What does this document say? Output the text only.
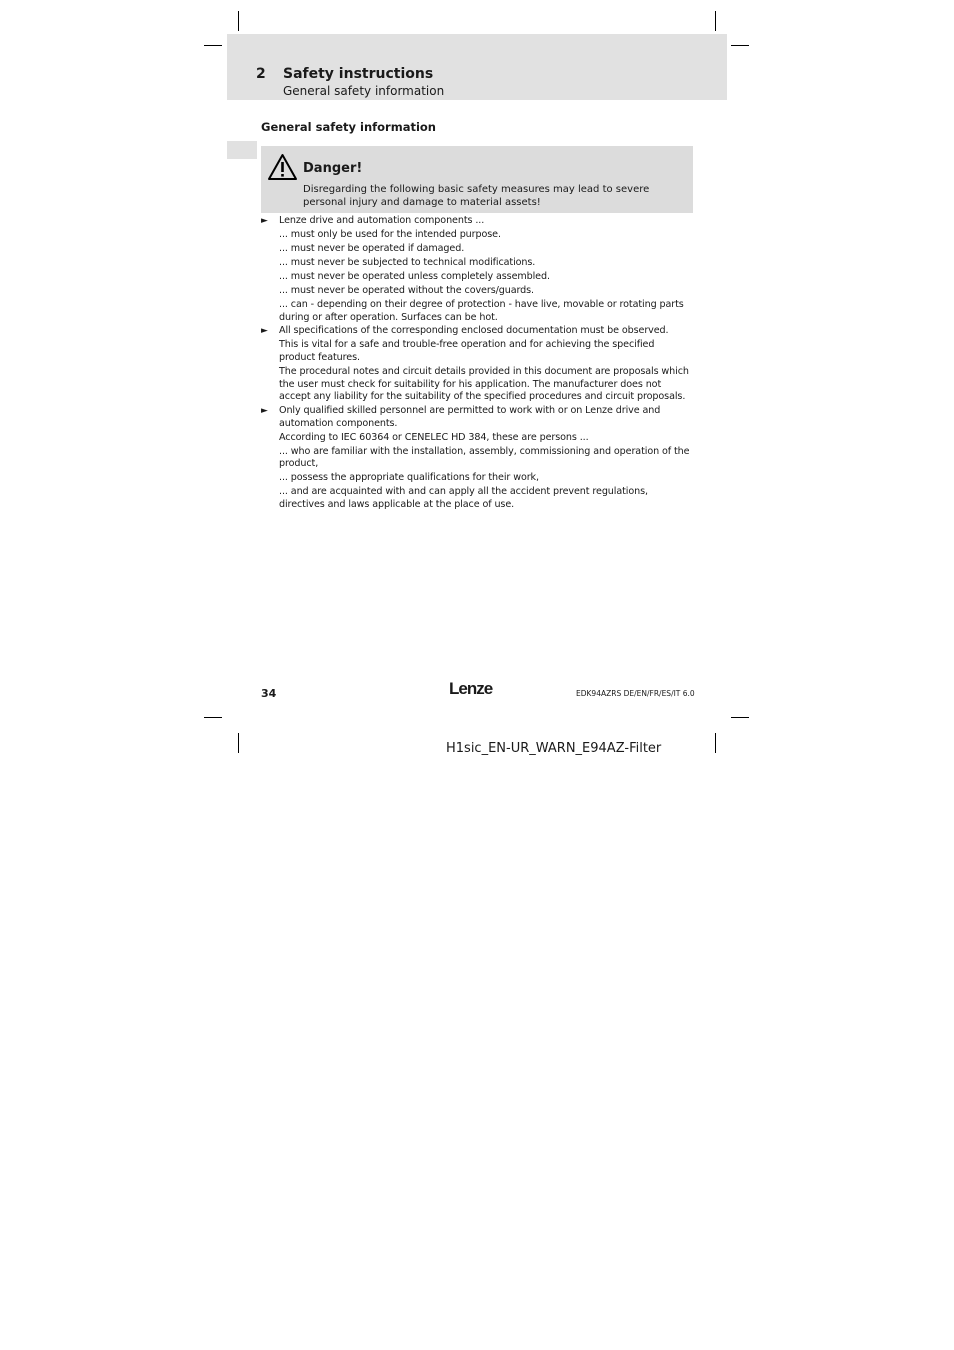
2 Safety instructions
General safety information
General safety information
Danger!
Disregarding the following basic safety measures may lead to severe personal injury and damage to material assets!
► Lenze drive and automation components ...

... must only be used for the intended purpose.

... must never be operated if damaged.

... must never be subjected to technical modifications.

... must never be operated unless completely assembled.

... must never be operated without the covers/guards.

... can - depending on their degree of protection - have live, movable or rotating parts during or after operation. Surfaces can be hot.

► All specifications of the corresponding enclosed documentation must be observed.

This is vital for a safe and trouble-free operation and for achieving the specified product features.

The procedural notes and circuit details provided in this document are proposals which the user must check for suitability for his application. The manufacturer does not accept any liability for the suitability of the specified procedures and circuit proposals.

► Only qualified skilled personnel are permitted to work with or on Lenze drive and automation components.

According to IEC 60364 or CENELEC HD 384, these are persons ...

... who are familiar with the installation, assembly, commissioning and operation of the product,

... possess the appropriate qualifications for their work,

... and are acquainted with and can apply all the accident prevent regulations, directives and laws applicable at the place of use.

34	Lenze	EDK94AZRS DE/EN/FR/ES/IT 6.0
H1sic_EN-UR_WARN_E94AZ-Filter
